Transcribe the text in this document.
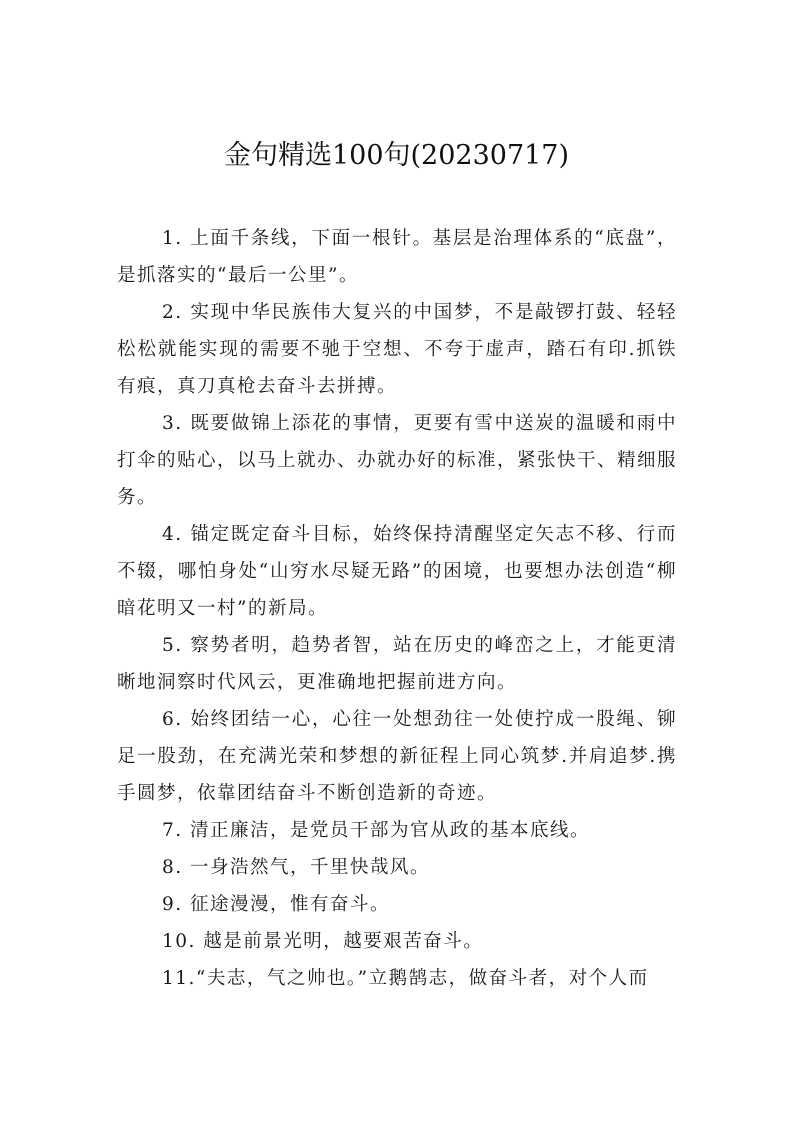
金句精选100句(20230717)

1. 上面千条线，下面一根针。基层是治理体系的“底盘”，是抓落实的“最后一公里”。

2. 实现中华民族伟大复兴的中国梦，不是敲锣打鼓、轻轻松松就能实现的需要不驰于空想、不夸于虚声，踏石有印.抓铁有痕，真刀真枪去奋斗去拼搏。

3. 既要做锦上添花的事情，更要有雪中送炭的温暖和雨中打伞的贴心，以马上就办、办就办好的标准，紧张快干、精细服务。

4. 锚定既定奋斗目标，始终保持清醒坚定矢志不移、行而不辍，哪怕身处“山穷水尽疑无路”的困境，也要想办法创造“柳暗花明又一村”的新局。

5. 察势者明，趋势者智，站在历史的峰峦之上，才能更清晰地洞察时代风云，更准确地把握前进方向。

6. 始终团结一心，心往一处想劲往一处使拧成一股绳、铆足一股劲，在充满光荣和梦想的新征程上同心筑梦.并肩追梦.携手圆梦，依靠团结奋斗不断创造新的奇迹。

7. 清正廉洁，是党员干部为官从政的基本底线。

8. 一身浩然气，千里快哉风。

9. 征途漫漫，惟有奋斗。

10. 越是前景光明，越要艰苦奋斗。

11.“夫志，气之帅也。”立鹅鹄志，做奋斗者，对个人而
